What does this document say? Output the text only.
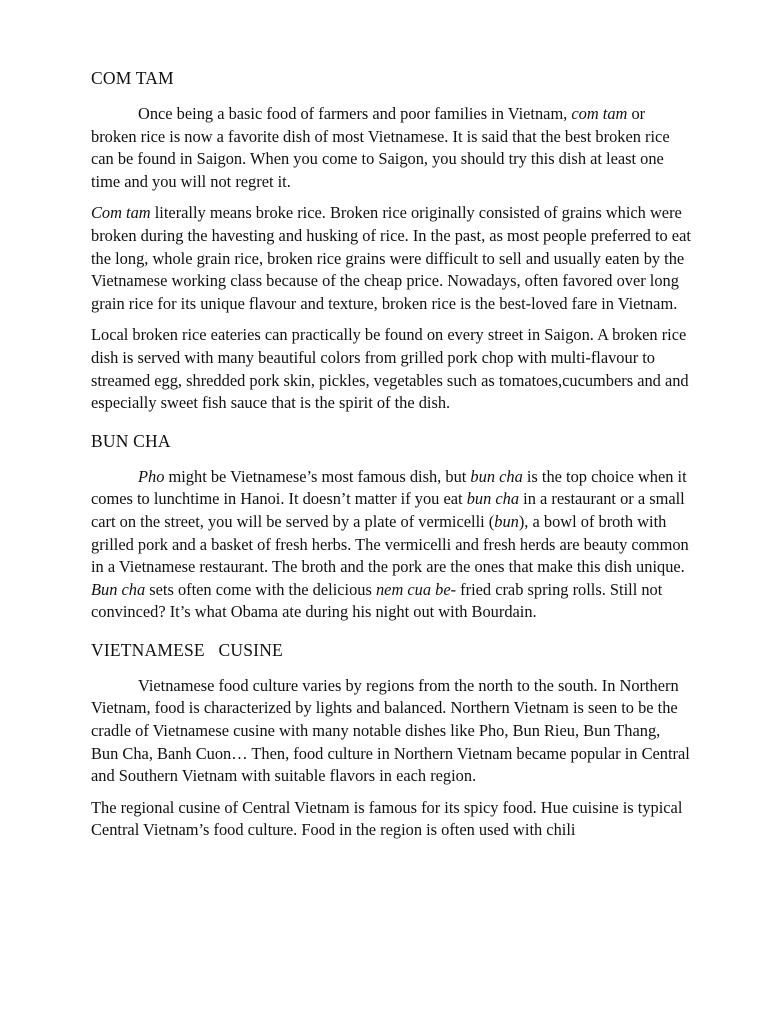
COM TAM

Once being a basic food of farmers and poor families in Vietnam, com tam or broken rice is now a favorite dish of most Vietnamese. It is said that the best broken rice can be found in Saigon. When you come to Saigon, you should try this dish at least one time and you will not regret it.

Com tam literally means broke rice. Broken rice originally consisted of grains which were broken during the havesting and husking of rice. In the past, as most people preferred to eat the long, whole grain rice, broken rice grains were difficult to sell and usually eaten by the Vietnamese working class because of the cheap price. Nowadays, often favored over long grain rice for its unique flavour and texture, broken rice is the best-loved fare in Vietnam.

Local broken rice eateries can practically be found on every street in Saigon. A broken rice dish is served with many beautiful colors from grilled pork chop with multi-flavour to streamed egg, shredded pork skin, pickles, vegetables such as tomatoes,cucumbers and and especially sweet fish sauce that is the spirit of the dish.

BUN CHA

Pho might be Vietnamese’s most famous dish, but bun cha is the top choice when it comes to lunchtime in Hanoi. It doesn’t matter if you eat bun cha in a restaurant or a small cart on the street, you will be served by a plate of vermicelli (bun), a bowl of broth with grilled pork and a basket of fresh herbs. The vermicelli and fresh herds are beauty common in a Vietnamese restaurant. The broth and the pork are the ones that make this dish unique. Bun cha sets often come with the delicious nem cua be- fried crab spring rolls. Still not convinced? It’s what Obama ate during his night out with Bourdain.

VIETNAMESE   CUSINE

Vietnamese food culture varies by regions from the north to the south. In Northern Vietnam, food is characterized by lights and balanced. Northern Vietnam is seen to be the cradle of Vietnamese cusine with many notable dishes like Pho, Bun Rieu, Bun Thang, Bun Cha, Banh Cuon… Then, food culture in Northern Vietnam became popular in Central and Southern Vietnam with suitable flavors in each region.

The regional cusine of Central Vietnam is famous for its spicy food. Hue cuisine is typical Central Vietnam’s food culture. Food in the region is often used with chili
